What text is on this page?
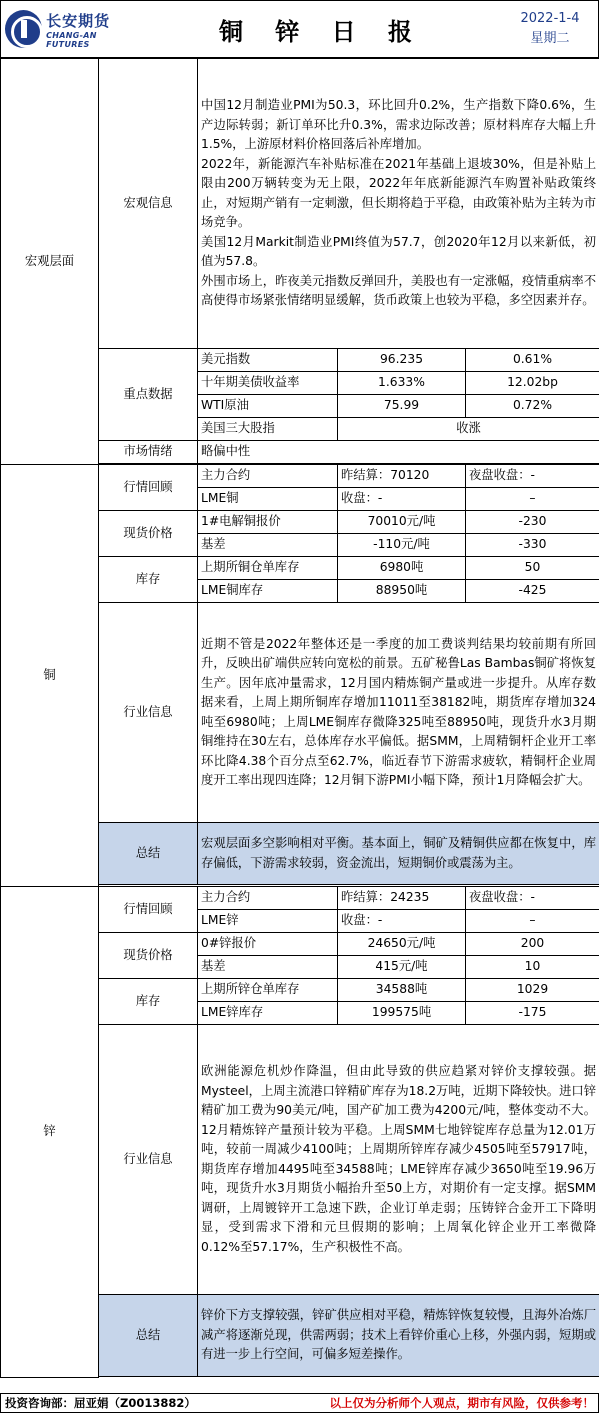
长安期货
CHANG-AN FUTURES	铜 锌 日 报	2022-1-4
星期二
宏观层面	宏观信息	中国12月制造业PMI为50.3，环比回升0.2%，生产指数下降0.6%，生产边际转弱；新订单环比升0.3%，需求边际改善；原材料库存大幅上升1.5%，上游原材料价格回落后补库增加。
2022年，新能源汽车补贴标准在2021年基础上退坡30%，但是补贴上限由200万辆转变为无上限，2022年年底新能源汽车购置补贴政策终止，对短期产销有一定刺激，但长期将趋于平稳，由政策补贴为主转为市场竞争。
美国12月Markit制造业PMI终值为57.7，创2020年12月以来新低，初值为57.8。
外围市场上，昨夜美元指数反弹回升，美股也有一定涨幅，疫情重病率不高使得市场紧张情绪明显缓解，货币政策上也较为平稳，多空因素并存。		

	重点数据	美元指数	96.235	0.61%
		十年期美债收益率	1.633%	12.02bp
		WTI原油	75.99	0.72%
		美国三大股指	收涨	
	市场情绪	略偏中性		

铜	行情回顾	主力合约	昨结算：70120	夜盘收盘：-
		LME铜	收盘：-	–
	现货价格	1#电解铜报价	70010元/吨	-230
		基差	-110元/吨	-330
	库存	上期所铜仓单库存	6980吨	50
		LME铜库存	88950吨	-425
	行业信息	近期不管是2022年整体还是一季度的加工费谈判结果均较前期有所回升，反映出矿端供应转向宽松的前景。五矿秘鲁Las Bambas铜矿将恢复生产。因年底冲量需求，12月国内精炼铜产量或进一步提升。从库存数据来看，上周上期所铜库存增加11011至38182吨，期货库存增加324吨至6980吨；上周LME铜库存微降325吨至88950吨，现货升水3月期铜维持在30左右，总体库存水平偏低。据SMM，上周精铜杆企业开工率环比降4.38个百分点至62.7%，临近春节下游需求疲软，精铜杆企业周度开工率出现四连降；12月铜下游PMI小幅下降，预计1月降幅会扩大。		
	总结	宏观层面多空影响相对平衡。基本面上，铜矿及精铜供应都在恢复中，库存偏低，下游需求较弱，资金流出，短期铜价或震荡为主。		

锌	行情回顾	主力合约	昨结算：24235	夜盘收盘：-
		LME锌	收盘：-	–
	现货价格	0#锌报价	24650元/吨	200
		基差	415元/吨	10
	库存	上期所锌仓单库存	34588吨	1029
		LME锌库存	199575吨	-175
	行业信息	欧洲能源危机炒作降温，但由此导致的供应趋紧对锌价支撑较强。据Mysteel，上周主流港口锌精矿库存为18.2万吨，近期下降较快。进口锌精矿加工费为90美元/吨，国产矿加工费为4200元/吨，整体变动不大。12月精炼锌产量预计较为平稳。上周SMM七地锌锭库存总量为12.01万吨，较前一周减少4100吨；上周期所锌库存减少4505吨至57917吨，期货库存增加4495吨至34588吨；LME锌库存减少3650吨至19.96万吨，现货升水3月期货小幅抬升至50上方，对期价有一定支撑。据SMM调研，上周镀锌开工急速下跌，企业订单走弱；压铸锌合金开工下降明显，受到需求下滑和元旦假期的影响；上周氧化锌企业开工率微降0.12%至57.17%，生产积极性不高。		
	总结	锌价下方支撑较强，锌矿供应相对平稳，精炼锌恢复较慢，且海外冶炼厂减产将逐渐兑现，供需两弱；技术上看锌价重心上移，外强内弱，短期或有进一步上行空间，可偏多短差操作。		

投资咨询部：屈亚娟（Z0013882）	以上仅为分析师个人观点，期市有风险，仅供参考！
